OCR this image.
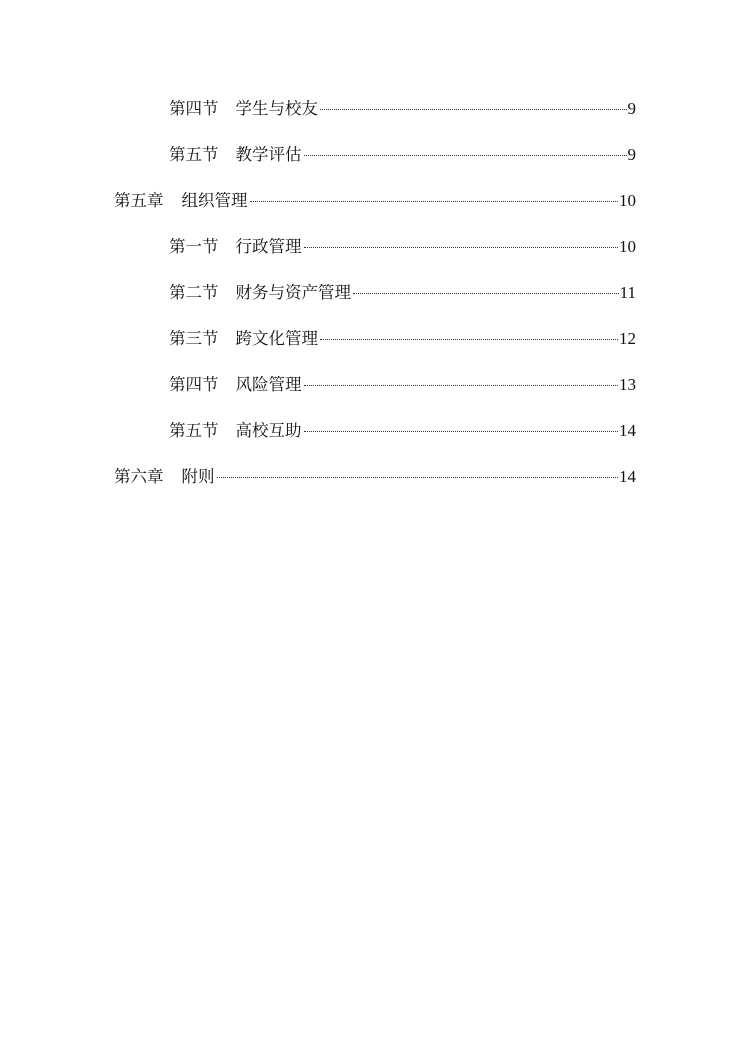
第四节 学生与校友	9
第五节 教学评估	9
第五章 组织管理	10
第一节 行政管理	10
第二节 财务与资产管理	11
第三节 跨文化管理	12
第四节 风险管理	13
第五节 高校互助	14
第六章 附则	14
